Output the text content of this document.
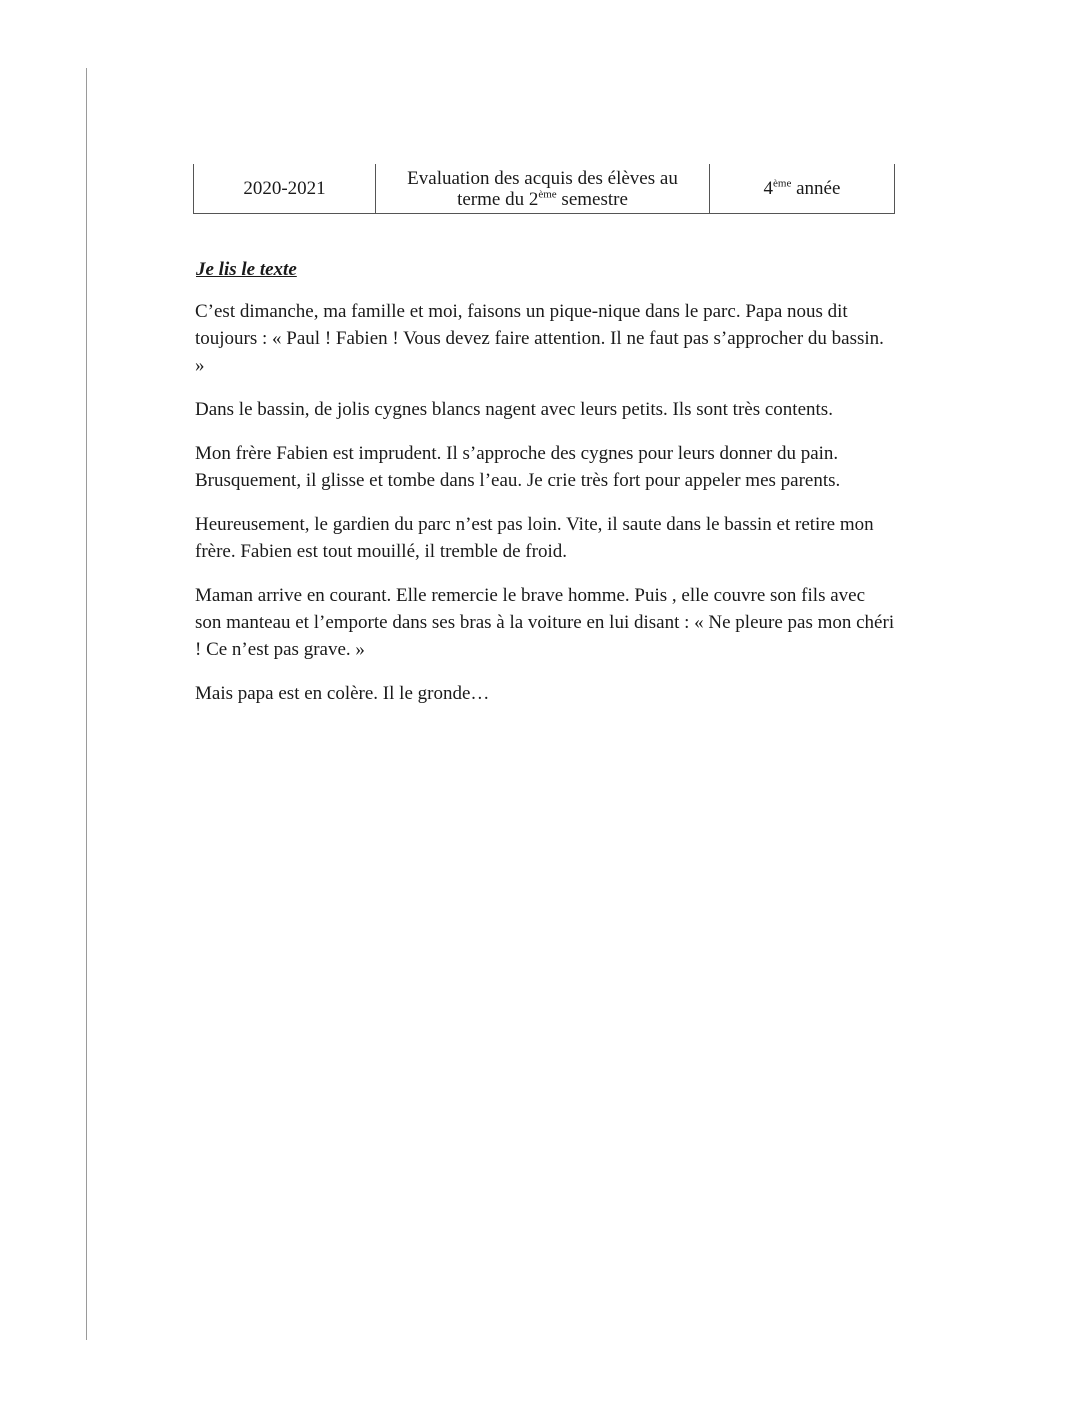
2020-2021	Evaluation des acquis des élèves au
terme du 2ème semestre	4ème année
Je lis le texte

C’est dimanche, ma famille et moi, faisons un pique-nique dans le parc. Papa nous dit toujours : « Paul ! Fabien ! Vous devez faire attention. Il ne faut pas s’approcher du bassin. »

Dans le bassin, de jolis cygnes blancs nagent avec leurs petits. Ils sont très contents.

Mon frère Fabien est imprudent. Il s’approche des cygnes pour leurs donner du pain. Brusquement, il glisse et tombe dans l’eau. Je crie très fort pour appeler mes parents.

Heureusement, le gardien du parc n’est pas loin. Vite, il saute dans le bassin et retire mon frère. Fabien est tout mouillé, il tremble de froid.

Maman arrive en courant. Elle remercie le brave homme. Puis , elle couvre son fils avec son manteau et l’emporte dans ses bras à la voiture en lui disant : « Ne pleure pas mon chéri ! Ce n’est pas grave. »

Mais papa est en colère. Il le gronde…
